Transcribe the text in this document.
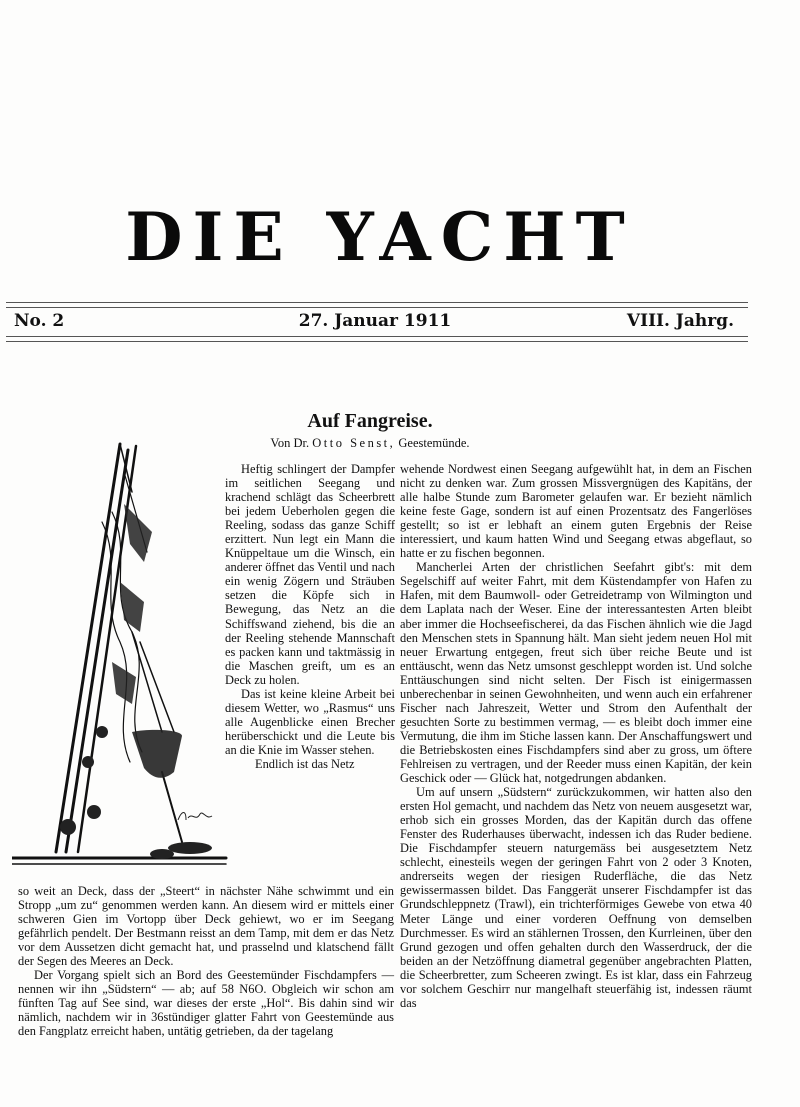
DIE YACHT
No. 2	27. Januar 1911	VIII. Jahrg.
Auf Fangreise.
Von Dr. Otto Senst, Geestemünde.

Heftig schlingert der Dampfer im seitlichen Seegang und krachend schlägt das Scheerbrett bei jedem Ueberholen gegen die Reeling, sodass das ganze Schiff erzittert. Nun legt ein Mann die Knüppeltaue um die Winsch, ein anderer öffnet das Ventil und nach ein wenig Zögern und Sträuben setzen die Köpfe sich in Bewegung, das Netz an die Schiffswand ziehend, bis die an der Reeling stehende Mannschaft es packen kann und taktmässig in die Maschen greift, um es an Deck zu holen.

Das ist keine kleine Arbeit bei diesem Wetter, wo „Rasmus“ uns alle Augenblicke einen Brecher herüberschickt und die Leute bis an die Knie im Wasser stehen.

Endlich ist das Netz

so weit an Deck, dass der „Steert“ in nächster Nähe schwimmt und ein Stropp „um zu“ genommen werden kann. An diesem wird er mittels einer schweren Gien im Vortopp über Deck gehiewt, wo er im Seegang gefährlich pendelt. Der Bestmann reisst an dem Tamp, mit dem er das Netz vor dem Aussetzen dicht gemacht hat, und prasselnd und klatschend fällt der Segen des Meeres an Deck.

Der Vorgang spielt sich an Bord des Geestemünder Fischdampfers — nennen wir ihn „Südstern“ — ab; auf 58 N6O. Obgleich wir schon am fünften Tag auf See sind, war dieses der erste „Hol“. Bis dahin sind wir nämlich, nachdem wir in 36stündiger glatter Fahrt von Geestemünde aus den Fangplatz erreicht haben, untätig getrieben, da der tagelang

wehende Nordwest einen Seegang aufgewühlt hat, in dem an Fischen nicht zu denken war. Zum grossen Missvergnügen des Kapitäns, der alle halbe Stunde zum Barometer gelaufen war. Er bezieht nämlich keine feste Gage, sondern ist auf einen Prozentsatz des Fangerlöses gestellt; so ist er lebhaft an einem guten Ergebnis der Reise interessiert, und kaum hatten Wind und Seegang etwas abgeflaut, so hatte er zu fischen begonnen.

Mancherlei Arten der christlichen Seefahrt gibt's: mit dem Segelschiff auf weiter Fahrt, mit dem Küstendampfer von Hafen zu Hafen, mit dem Baumwoll- oder Getreidetramp von Wilmington und dem Laplata nach der Weser. Eine der interessantesten Arten bleibt aber immer die Hochseefischerei, da das Fischen ähnlich wie die Jagd den Menschen stets in Spannung hält. Man sieht jedem neuen Hol mit neuer Erwartung entgegen, freut sich über reiche Beute und ist enttäuscht, wenn das Netz umsonst geschleppt worden ist. Und solche Enttäuschungen sind nicht selten. Der Fisch ist einigermassen unberechenbar in seinen Gewohnheiten, und wenn auch ein erfahrener Fischer nach Jahreszeit, Wetter und Strom den Aufenthalt der gesuchten Sorte zu bestimmen vermag, — es bleibt doch immer eine Vermutung, die ihm im Stiche lassen kann. Der Anschaffungswert und die Betriebskosten eines Fischdampfers sind aber zu gross, um öftere Fehlreisen zu vertragen, und der Reeder muss einen Kapitän, der kein Geschick oder — Glück hat, notgedrungen abdanken.

Um auf unsern „Südstern“ zurückzukommen, wir hatten also den ersten Hol gemacht, und nachdem das Netz von neuem ausgesetzt war, erhob sich ein grosses Morden, das der Kapitän durch das offene Fenster des Ruderhauses überwacht, indessen ich das Ruder bediene. Die Fischdampfer steuern naturgemäss bei ausgesetztem Netz schlecht, einesteils wegen der geringen Fahrt von 2 oder 3 Knoten, andrerseits wegen der riesigen Ruderfläche, die das Netz gewissermassen bildet. Das Fanggerät unserer Fischdampfer ist das Grundschleppnetz (Trawl), ein trichterförmiges Gewebe von etwa 40 Meter Länge und einer vorderen Oeffnung von demselben Durchmesser. Es wird an stählernen Trossen, den Kurrleinen, über den Grund gezogen und offen gehalten durch den Wasserdruck, der die beiden an der Netzöffnung diametral gegenüber angebrachten Platten, die Scheerbretter, zum Scheeren zwingt. Es ist klar, dass ein Fahrzeug vor solchem Geschirr nur mangelhaft steuerfähig ist, indessen räumt das
